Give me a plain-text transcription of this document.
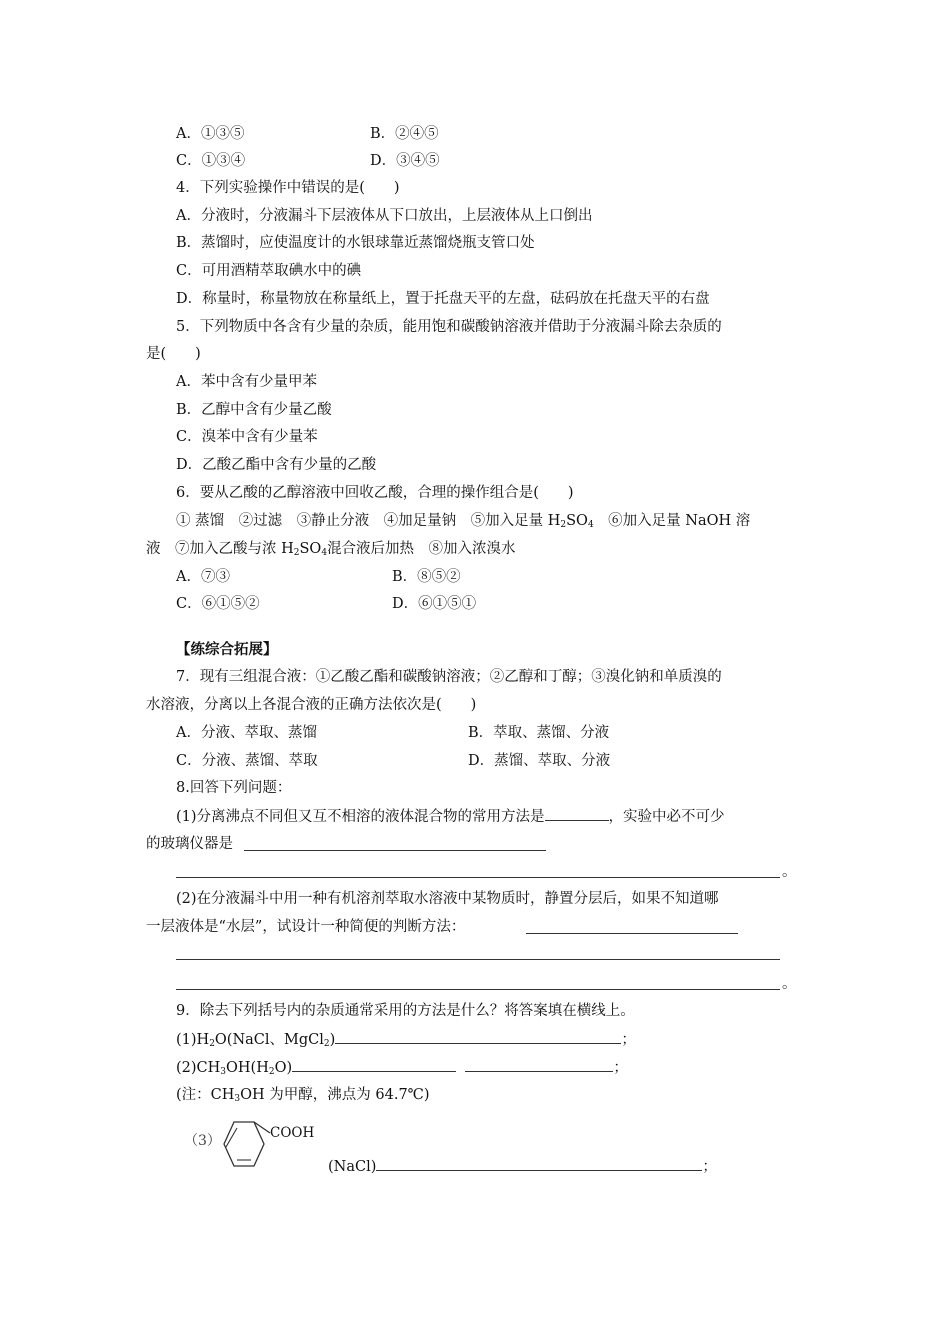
A．①③⑤	B．②④⑤
C．①③④	D．③④⑤
4．下列实验操作中错误的是(　　)
A．分液时，分液漏斗下层液体从下口放出，上层液体从上口倒出
B．蒸馏时，应使温度计的水银球靠近蒸馏烧瓶支管口处
C．可用酒精萃取碘水中的碘
D．称量时，称量物放在称量纸上，置于托盘天平的左盘，砝码放在托盘天平的右盘
5．下列物质中各含有少量的杂质，能用饱和碳酸钠溶液并借助于分液漏斗除去杂质的
是(　　)
A．苯中含有少量甲苯
B．乙醇中含有少量乙酸
C．溴苯中含有少量苯
D．乙酸乙酯中含有少量的乙酸
6．要从乙酸的乙醇溶液中回收乙酸，合理的操作组合是(　　)
① 蒸馏　②过滤　③静止分液　④加足量钠　⑤加入足量 $H_2SO_4$　⑥加入足量 NaOH 溶
液　⑦加入乙酸与浓 $H_2SO_4$混合液后加热　⑧加入浓溴水
A．⑦③	B．⑧⑤②
C．⑥①⑤②	D．⑥①⑤①
【练综合拓展】
7．现有三组混合液：①乙酸乙酯和碳酸钠溶液；②乙醇和丁醇；③溴化钠和单质溴的
水溶液，分离以上各混合液的正确方法依次是(　　)
A．分液、萃取、蒸馏	B．萃取、蒸馏、分液
C．分液、蒸馏、萃取	D．蒸馏、萃取、分液
8.回答下列问题：
(1)分离沸点不同但又互不相溶的液体混合物的常用方法是	，实验中必不可少
的玻璃仪器是
。
(2)在分液漏斗中用一种有机溶剂萃取水溶液中某物质时，静置分层后，如果不知道哪
一层液体是“水层”，试设计一种简便的判断方法：
。
9．除去下列括号内的杂质通常采用的方法是什么？将答案填在横线上。
$(1)H_2O(NaCl$、MgCl$_2$)	；
$(2)CH_3OH(H_2O)$	；
(注：$CH_3OH$ 为甲醇，沸点为 64.7℃)
（3）	COOH
(NaCl)	；
